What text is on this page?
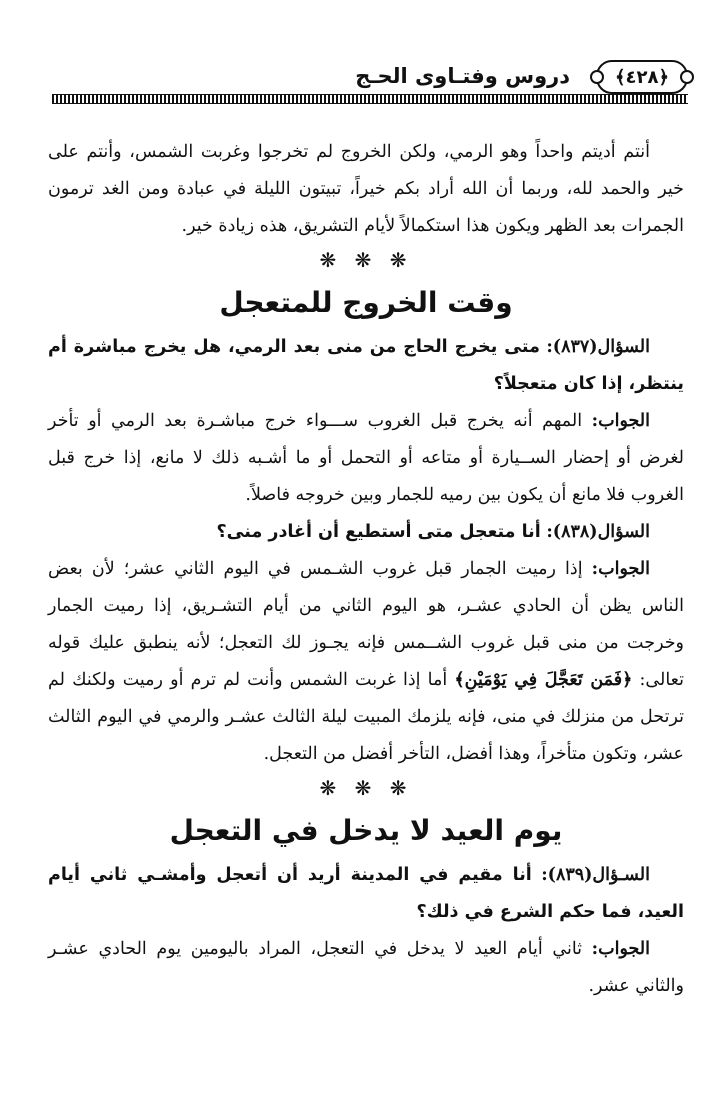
﴿٤٢٨﴾
دروس وفتـاوى الحـج

أنتم أديتم واحداً وهو الرمي، ولكن الخروج لم تخرجوا وغربت الشمس، وأنتم على خير والحمد لله، وربما أن الله أراد بكم خيراً، تبيتون الليلة في عبادة ومن الغد ترمون الجمرات بعد الظهر ويكون هذا استكمالاً لأيام التشريق، هذه زيادة خير.

❋ ❋ ❋
وقت الخروج للمتعجل

السؤال(٨٣٧): متى يخرج الحاج من منى بعد الرمي، هل يخرج مباشرة أم ينتظر، إذا كان متعجلاً؟

الجواب: المهم أنه يخرج قبل الغروب ســـواء خرج مباشـرة بعد الرمي أو تأخر لغرض أو إحضار الســيارة أو متاعه أو التحمل أو ما أشـبه ذلك لا مانع، إذا خرج قبل الغروب فلا مانع أن يكون بين رميه للجمار وبين خروجه فاصلاً.

السؤال(٨٣٨): أنا متعجل متى أستطيع أن أغادر منى؟

الجواب: إذا رميت الجمار قبل غروب الشـمس في اليوم الثاني عشر؛ لأن بعض الناس يظن أن الحادي عشـر، هو اليوم الثاني من أيام التشـريق، إذا رميت الجمار وخرجت من منى قبل غروب الشــمس فإنه يجـوز لك التعجل؛ لأنه ينطبق عليك قوله تعالى: ﴿فَمَن تَعَجَّلَ فِي يَوْمَيْنِ﴾ أما إذا غربت الشمس وأنت لم ترم أو رميت ولكنك لم ترتحل من منزلك في منى، فإنه يلزمك المبيت ليلة الثالث عشـر والرمي في اليوم الثالث عشر، وتكون متأخراً، وهذا أفضل، التأخر أفضل من التعجل.

❋ ❋ ❋
يوم العيد لا يدخل في التعجل

السـؤال(٨٣٩): أنا مقيم في المدينة أريد أن أتعجل وأمشـي ثاني أيام العيد، فما حكم الشرع في ذلك؟

الجواب: ثاني أيام العيد لا يدخل في التعجل، المراد باليومين يوم الحادي عشـر والثاني عشر.
